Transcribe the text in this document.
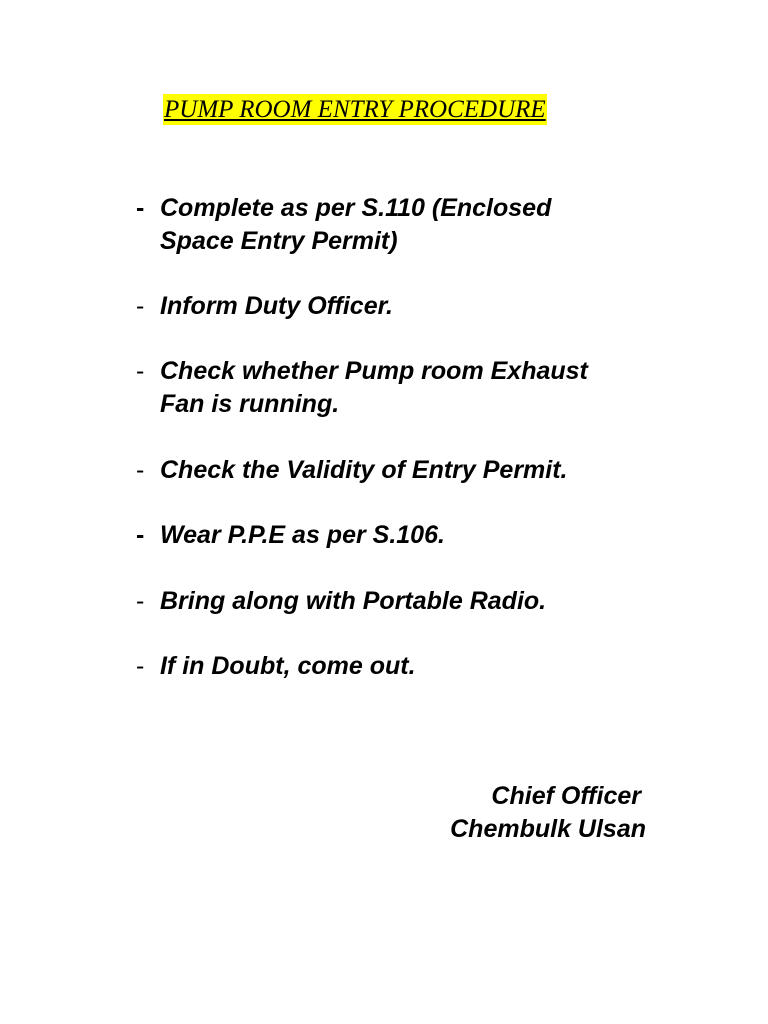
PUMP ROOM ENTRY PROCEDURE
- Complete as per S.110 (Enclosed
Space Entry Permit)
- Inform Duty Officer.
- Check whether Pump room Exhaust
Fan is running.
- Check the Validity of Entry Permit.
- Wear P.P.E as per S.106.
- Bring along with Portable Radio.
- If in Doubt, come out.
Chief Officer
Chembulk Ulsan
